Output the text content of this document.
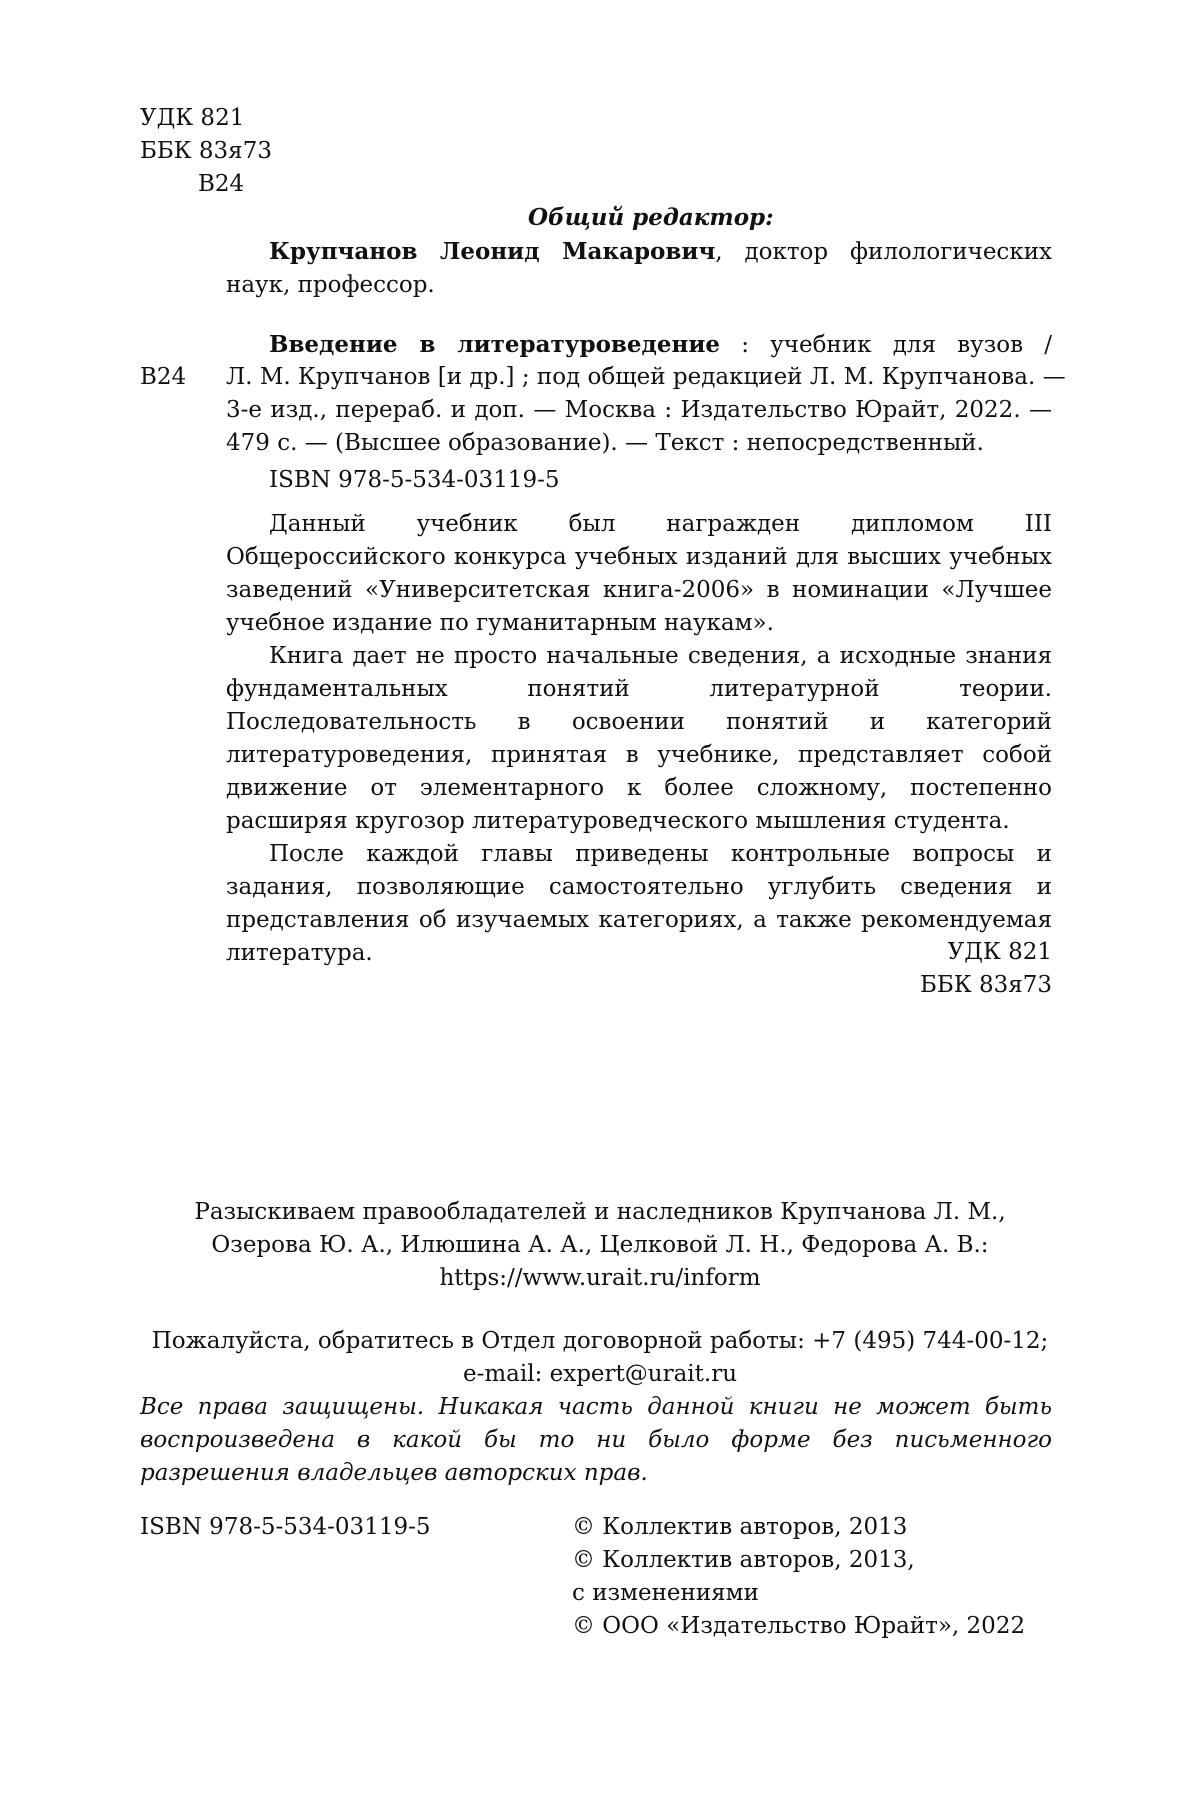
УДК 821
ББК 83я73
В24
Общий редактор:

Крупчанов Леонид Макарович, доктор филологических наук, профессор.

В24
Введение в литературоведение : учебник для вузов /
Л. М. Крупчанов [и др.] ; под общей редакцией Л. М. Крупчанова. —
3-е изд., перераб. и доп. — Москва : Издательство Юрайт, 2022. —
479 с. — (Высшее образование). — Текст : непосредственный.
ISBN 978-5-534-03119-5

Данный учебник был награжден дипломом III Общероссийского конкурса учебных изданий для высших учебных заведений «Университетская книга-2006» в номинации «Лучшее учебное издание по гуманитарным наукам».

Книга дает не просто начальные сведения, а исходные знания фундаментальных понятий литературной теории. Последовательность в освоении понятий и категорий литературоведения, принятая в учебнике, представляет собой движение от элементарного к более сложному, постепенно расширяя кругозор литературоведческого мышления студента.

После каждой главы приведены контрольные вопросы и задания, позволяющие самостоятельно углубить сведения и представления об изучаемых категориях, а также рекомендуемая литература.	УДК 821
ББК 83я73
Разыскиваем правообладателей и наследников Крупчанова Л. М.,
Озерова Ю. А., Илюшина А. А., Целковой Л. Н., Федорова А. В.:
https://www.urait.ru/inform
Пожалуйста, обратитесь в Отдел договорной работы: +7 (495) 744-00-12;
e-mail: expert@urait.ru
Все права защищены. Никакая часть данной книги не может быть воспроизведена в какой бы то ни было форме без письменного разрешения владельцев авторских прав.
ISBN 978-5-534-03119-5	© Коллектив авторов, 2013
© Коллектив авторов, 2013,
с изменениями
© ООО «Издательство Юрайт», 2022
